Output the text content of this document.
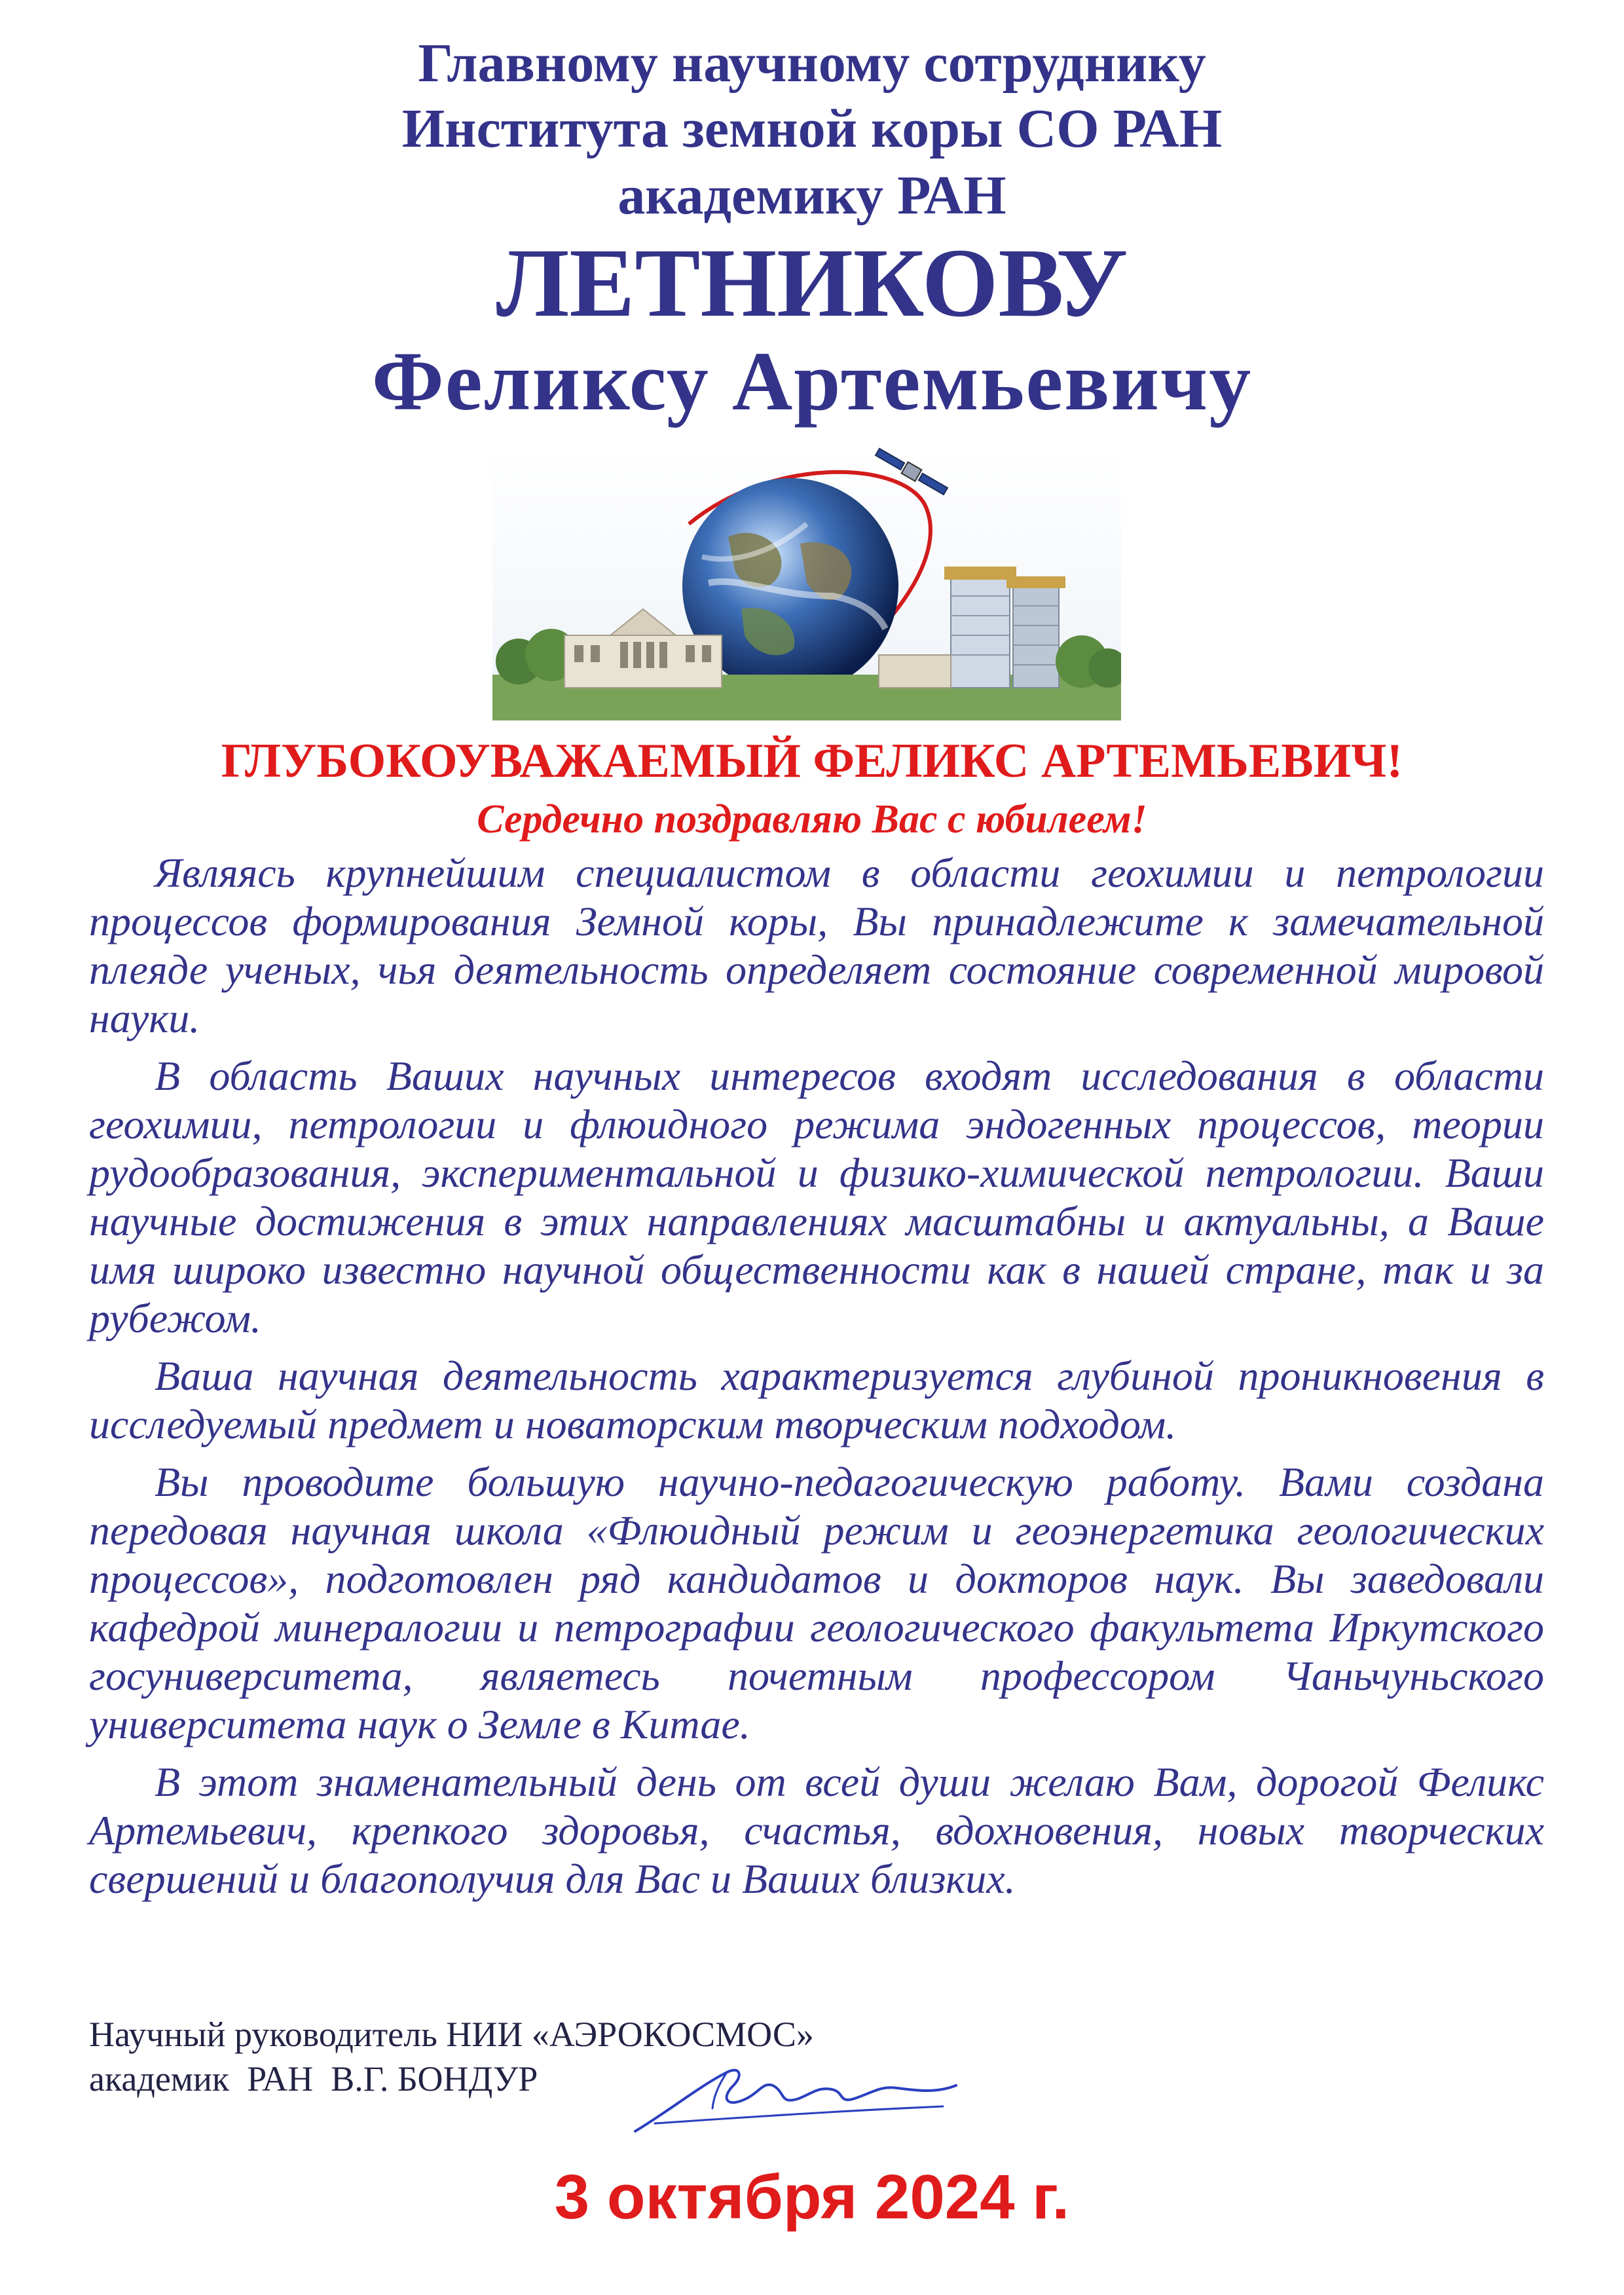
Главному научному сотруднику
Института земной коры СО РАН
академику РАН
ЛЕТНИКОВУ
Феликсу Артемьевичу
ГЛУБОКОУВАЖАЕМЫЙ ФЕЛИКС АРТЕМЬЕВИЧ!
Сердечно поздравляю Вас с юбилеем!

Являясь крупнейшим специалистом в области геохимии и петрологии процессов формирования Земной коры, Вы принадлежите к замечательной плеяде ученых, чья деятельность определяет состояние современной мировой науки.

В область Ваших научных интересов входят исследования в области геохимии, петрологии и флюидного режима эндогенных процессов, теории рудообразования, экспериментальной и физико-химической петрологии. Ваши научные достижения в этих направлениях масштабны и актуальны, а Ваше имя широко известно научной общественности как в нашей стране, так и за рубежом.

Ваша научная деятельность характеризуется глубиной проникновения в исследуемый предмет и новаторским творческим подходом.

Вы проводите большую научно-педагогическую работу. Вами создана передовая научная школа «Флюидный режим и геоэнергетика геологических процессов», подготовлен ряд кандидатов и докторов наук. Вы заведовали кафедрой минералогии и петрографии геологического факультета Иркутского госуниверситета, являетесь почетным профессором Чаньчуньского университета наук о Земле в Китае.

В этот знаменательный день от всей души желаю Вам, дорогой Феликс Артемьевич, крепкого здоровья, счастья, вдохновения, новых творческих свершений и благополучия для Вас и Ваших близких.

Научный руководитель НИИ «АЭРОКОСМОС»
академик  РАН  В.Г. БОНДУР
3 октября 2024 г.
